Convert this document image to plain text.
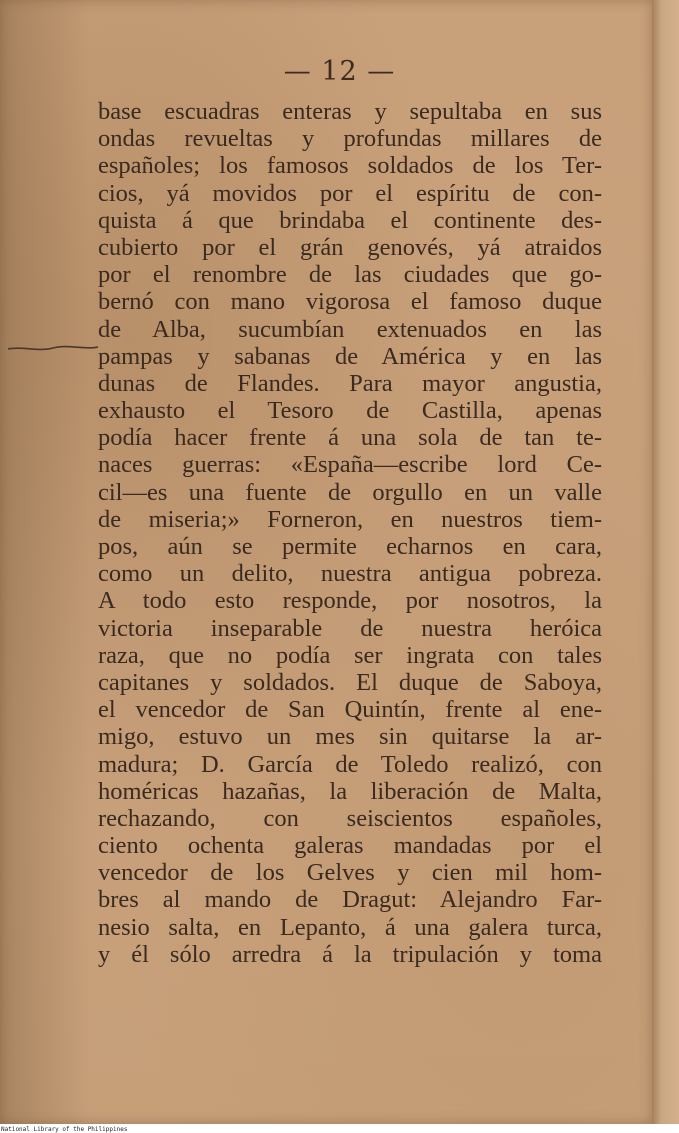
— 12 —
base escuadras enteras y sepultaba en sus
ondas revueltas y profundas millares de
españoles; los famosos soldados de los Ter-
cios, yá movidos por el espíritu de con-
quista á que brindaba el continente des-
cubierto por el grán genovés, yá atraidos
por el renombre de las ciudades que go-
bernó con mano vigorosa el famoso duque
de Alba, sucumbían extenuados en las
pampas y sabanas de América y en las
dunas de Flandes. Para mayor angustia,
exhausto el Tesoro de Castilla, apenas
podía hacer frente á una sola de tan te-
naces guerras: «España—escribe lord Ce-
cil—es una fuente de orgullo en un valle
de miseria;» Forneron, en nuestros tiem-
pos, aún se permite echarnos en cara,
como un delito, nuestra antigua pobreza.
A todo esto responde, por nosotros, la
victoria inseparable de nuestra heróica
raza, que no podía ser ingrata con tales
capitanes y soldados. El duque de Saboya,
el vencedor de San Quintín, frente al ene-
migo, estuvo un mes sin quitarse la ar-
madura; D. García de Toledo realizó, con
homéricas hazañas, la liberación de Malta,
rechazando, con seiscientos españoles,
ciento ochenta galeras mandadas por el
vencedor de los Gelves y cien mil hom-
bres al mando de Dragut: Alejandro Far-
nesio salta, en Lepanto, á una galera turca,
y él sólo arredra á la tripulación y toma
National Library of the Philippines
